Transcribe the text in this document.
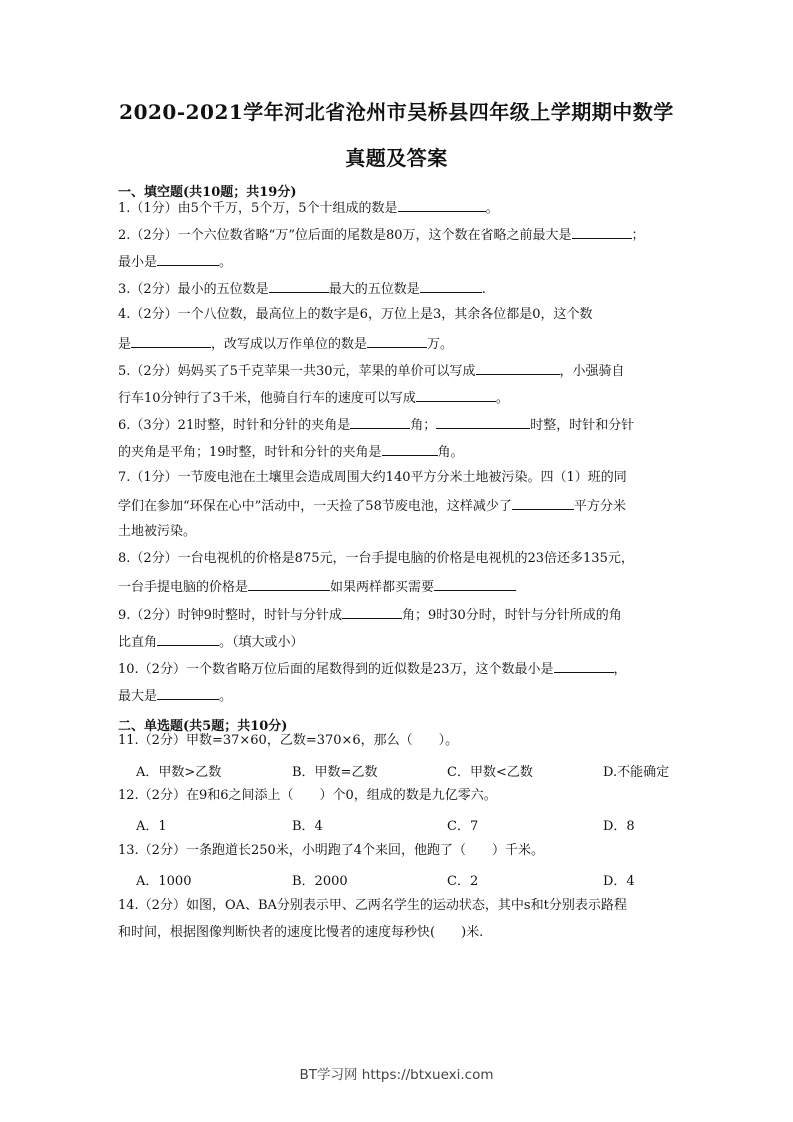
2020-2021学年河北省沧州市吴桥县四年级上学期期中数学
真题及答案
一、填空题(共10题；共19分)
1.（1分）由5个千万，5个万，5个十组成的数是	。
2.（2分）一个六位数省略“万”位后面的尾数是80万，这个数在省略之前最大是	；
最小是	。
3.（2分）最小的五位数是	最大的五位数是	.
4.（2分）一个八位数，最高位上的数字是6，万位上是3，其余各位都是0，这个数
是	，改写成以万作单位的数是	万。
5.（2分）妈妈买了5千克苹果一共30元，苹果的单价可以写成	，小强骑自
行车10分钟行了3千米，他骑自行车的速度可以写成	。
6.（3分）21时整，时针和分针的夹角是	角；	时整，时针和分针
的夹角是平角；19时整，时针和分针的夹角是	角。
7.（1分）一节废电池在土壤里会造成周围大约140平方分米土地被污染。四（1）班的同
学们在参加“环保在心中”活动中，一天捡了58节废电池，这样减少了	平方分米
土地被污染。
8.（2分）一台电视机的价格是875元，一台手提电脑的价格是电视机的23倍还多135元，
一台手提电脑的价格是	如果两样都买需要
9.（2分）时钟9时整时，时针与分针成	角；9时30分时，时针与分针所成的角
比直角	。（填大或小）
10.（2分）一个数省略万位后面的尾数得到的近似数是23万，这个数最小是	，
最大是	。
二、单选题(共5题；共10分)
11.（2分）甲数=37×60，乙数=370×6，那么（　　）。
A．甲数>乙数	B．甲数=乙数	C．甲数<乙数	D.不能确定
12.（2分）在9和6之间添上（　　）个0，组成的数是九亿零六。
A．1	B．4	C．7	D．8
13.（2分）一条跑道长250米，小明跑了4个来回，他跑了（　　）千米。
A．1000	B．2000	C．2	D．4
14.（2分）如图，OA、BA分别表示甲、乙两名学生的运动状态，其中s和t分别表示路程
和时间，根据图像判断快者的速度比慢者的速度每秒快(　　)米.
BT学习网 https://btxuexi.com
